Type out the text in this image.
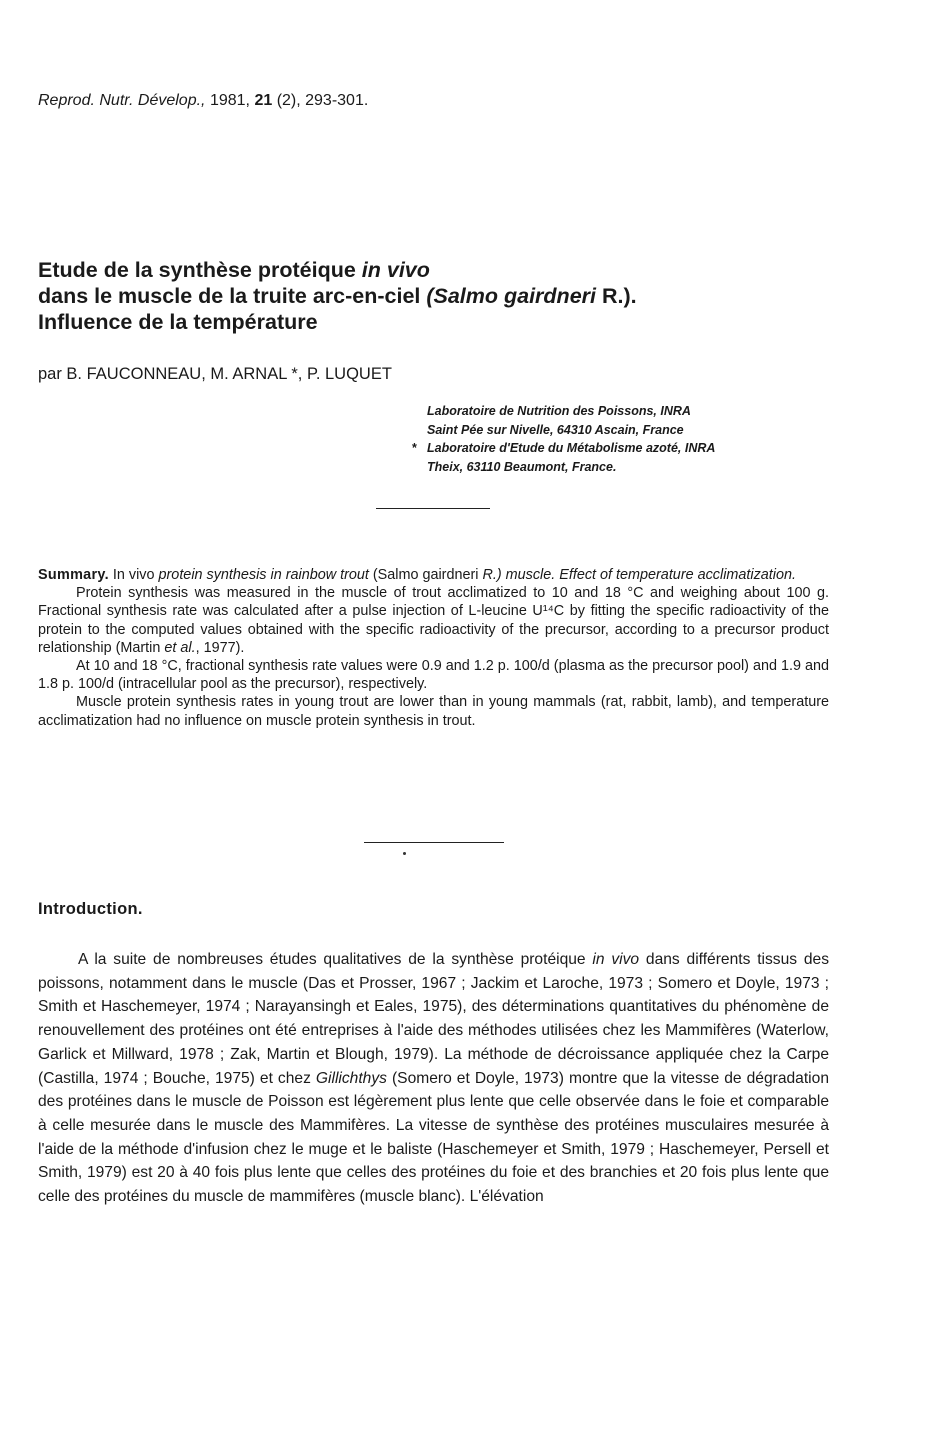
Reprod. Nutr. Dévelop., 1981, 21 (2), 293-301.
Etude de la synthèse protéique in vivo
dans le muscle de la truite arc-en-ciel (Salmo gairdneri R.).
Influence de la température
par B. FAUCONNEAU, M. ARNAL *, P. LUQUET
Laboratoire de Nutrition des Poissons, INRA
Saint Pée sur Nivelle, 64310 Ascain, France
* Laboratoire d'Etude du Métabolisme azoté, INRA
Theix, 63110 Beaumont, France.

Summary. In vivo protein synthesis in rainbow trout (Salmo gairdneri R.) muscle. Effect of temperature acclimatization.

Protein synthesis was measured in the muscle of trout acclimatized to 10 and 18 °C and weighing about 100 g. Fractional synthesis rate was calculated after a pulse injection of L-leucine U¹⁴C by fitting the specific radioactivity of the protein to the computed values obtained with the specific radioactivity of the precursor, according to a precursor product relationship (Martin et al., 1977).

At 10 and 18 °C, fractional synthesis rate values were 0.9 and 1.2 p. 100/d (plasma as the precursor pool) and 1.9 and 1.8 p. 100/d (intracellular pool as the precursor), respectively.

Muscle protein synthesis rates in young trout are lower than in young mammals (rat, rabbit, lamb), and temperature acclimatization had no influence on muscle protein synthesis in trout.

Introduction.

A la suite de nombreuses études qualitatives de la synthèse protéique in vivo dans différents tissus des poissons, notamment dans le muscle (Das et Prosser, 1967 ; Jackim et Laroche, 1973 ; Somero et Doyle, 1973 ; Smith et Haschemeyer, 1974 ; Narayansingh et Eales, 1975), des déterminations quantitatives du phénomène de renouvellement des protéines ont été entreprises à l'aide des méthodes utilisées chez les Mammifères (Waterlow, Garlick et Millward, 1978 ; Zak, Martin et Blough, 1979). La méthode de décroissance appliquée chez la Carpe (Castilla, 1974 ; Bouche, 1975) et chez Gillichthys (Somero et Doyle, 1973) montre que la vitesse de dégradation des protéines dans le muscle de Poisson est légèrement plus lente que celle observée dans le foie et comparable à celle mesurée dans le muscle des Mammifères. La vitesse de synthèse des protéines musculaires mesurée à l'aide de la méthode d'infusion chez le muge et le baliste (Haschemeyer et Smith, 1979 ; Haschemeyer, Persell et Smith, 1979) est 20 à 40 fois plus lente que celles des protéines du foie et des branchies et 20 fois plus lente que celle des protéines du muscle de mammifères (muscle blanc). L'élévation
